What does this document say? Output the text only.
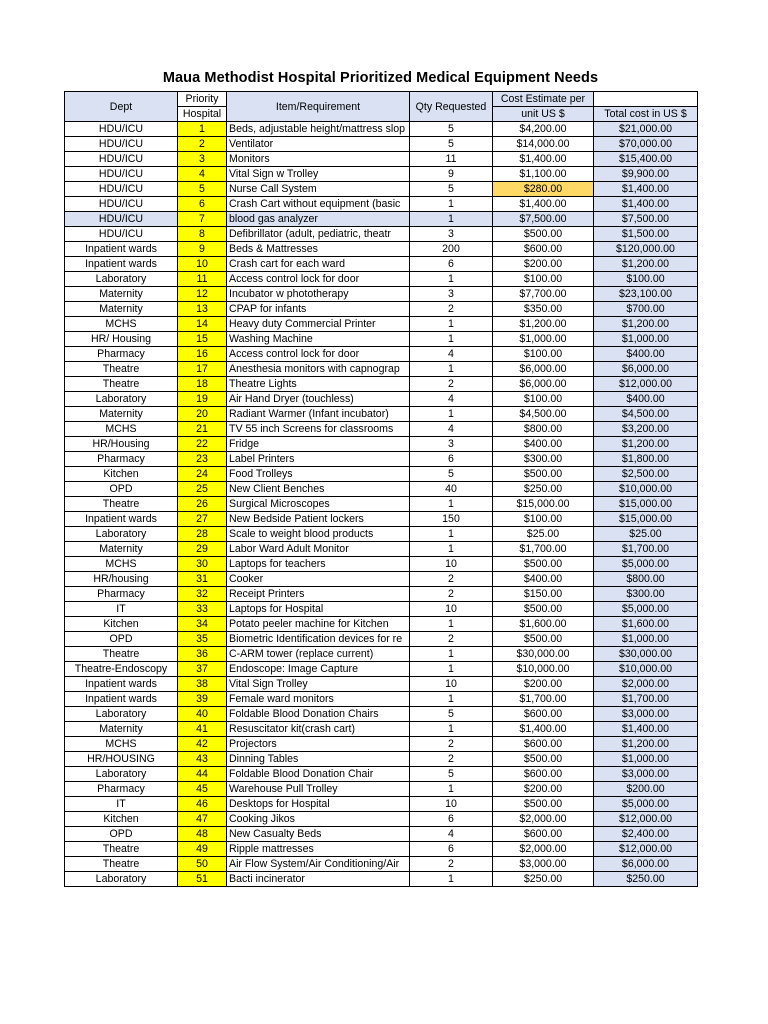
Maua Methodist Hospital Prioritized Medical Equipment Needs
Dept	Priority	Item/Requirement	Qty Requested	Cost Estimate per	
	Hospital			unit US $	Total cost in US $
HDU/ICU	1	Beds, adjustable height/mattress slop	5	$4,200.00	$21,000.00
HDU/ICU	2	Ventilator	5	$14,000.00	$70,000.00
HDU/ICU	3	Monitors	11	$1,400.00	$15,400.00
HDU/ICU	4	Vital Sign w Trolley	9	$1,100.00	$9,900.00
HDU/ICU	5	Nurse Call System	5	$280.00	$1,400.00
HDU/ICU	6	Crash Cart without equipment (basic	1	$1,400.00	$1,400.00
HDU/ICU	7	blood gas analyzer	1	$7,500.00	$7,500.00
HDU/ICU	8	Defibrillator (adult, pediatric, theatr	3	$500.00	$1,500.00
Inpatient wards	9	Beds & Mattresses	200	$600.00	$120,000.00
Inpatient wards	10	Crash cart for each ward	6	$200.00	$1,200.00
Laboratory	11	Access control lock for door	1	$100.00	$100.00
Maternity	12	Incubator w phototherapy	3	$7,700.00	$23,100.00
Maternity	13	CPAP for infants	2	$350.00	$700.00
MCHS	14	Heavy duty Commercial Printer	1	$1,200.00	$1,200.00
HR/ Housing	15	Washing Machine	1	$1,000.00	$1,000.00
Pharmacy	16	Access control lock for door	4	$100.00	$400.00
Theatre	17	Anesthesia monitors with capnograp	1	$6,000.00	$6,000.00
Theatre	18	Theatre Lights	2	$6,000.00	$12,000.00
Laboratory	19	Air Hand Dryer (touchless)	4	$100.00	$400.00
Maternity	20	Radiant Warmer (Infant incubator)	1	$4,500.00	$4,500.00
MCHS	21	TV 55 inch Screens for classrooms	4	$800.00	$3,200.00
HR/Housing	22	Fridge	3	$400.00	$1,200.00
Pharmacy	23	Label Printers	6	$300.00	$1,800.00
Kitchen	24	Food Trolleys	5	$500.00	$2,500.00
OPD	25	New Client Benches	40	$250.00	$10,000.00
Theatre	26	Surgical Microscopes	1	$15,000.00	$15,000.00
Inpatient wards	27	New Bedside Patient lockers	150	$100.00	$15,000.00
Laboratory	28	Scale to weight blood products	1	$25.00	$25.00
Maternity	29	Labor Ward Adult Monitor	1	$1,700.00	$1,700.00
MCHS	30	Laptops for teachers	10	$500.00	$5,000.00
HR/housing	31	Cooker	2	$400.00	$800.00
Pharmacy	32	Receipt Printers	2	$150.00	$300.00
IT	33	Laptops for Hospital	10	$500.00	$5,000.00
Kitchen	34	Potato peeler machine for Kitchen	1	$1,600.00	$1,600.00
OPD	35	Biometric Identification devices for re	2	$500.00	$1,000.00
Theatre	36	C-ARM tower (replace current)	1	$30,000.00	$30,000.00
Theatre-Endoscopy	37	Endoscope: Image Capture	1	$10,000.00	$10,000.00
Inpatient wards	38	Vital Sign Trolley	10	$200.00	$2,000.00
Inpatient wards	39	Female ward monitors	1	$1,700.00	$1,700.00
Laboratory	40	Foldable Blood Donation Chairs	5	$600.00	$3,000.00
Maternity	41	Resuscitator kit(crash cart)	1	$1,400.00	$1,400.00
MCHS	42	Projectors	2	$600.00	$1,200.00
HR/HOUSING	43	Dinning Tables	2	$500.00	$1,000.00
Laboratory	44	Foldable Blood Donation Chair	5	$600.00	$3,000.00
Pharmacy	45	Warehouse Pull Trolley	1	$200.00	$200.00
IT	46	Desktops for Hospital	10	$500.00	$5,000.00
Kitchen	47	Cooking Jikos	6	$2,000.00	$12,000.00
OPD	48	New Casualty Beds	4	$600.00	$2,400.00
Theatre	49	Ripple mattresses	6	$2,000.00	$12,000.00
Theatre	50	Air Flow System/Air Conditioning/Air	2	$3,000.00	$6,000.00
Laboratory	51	Bacti incinerator	1	$250.00	$250.00
